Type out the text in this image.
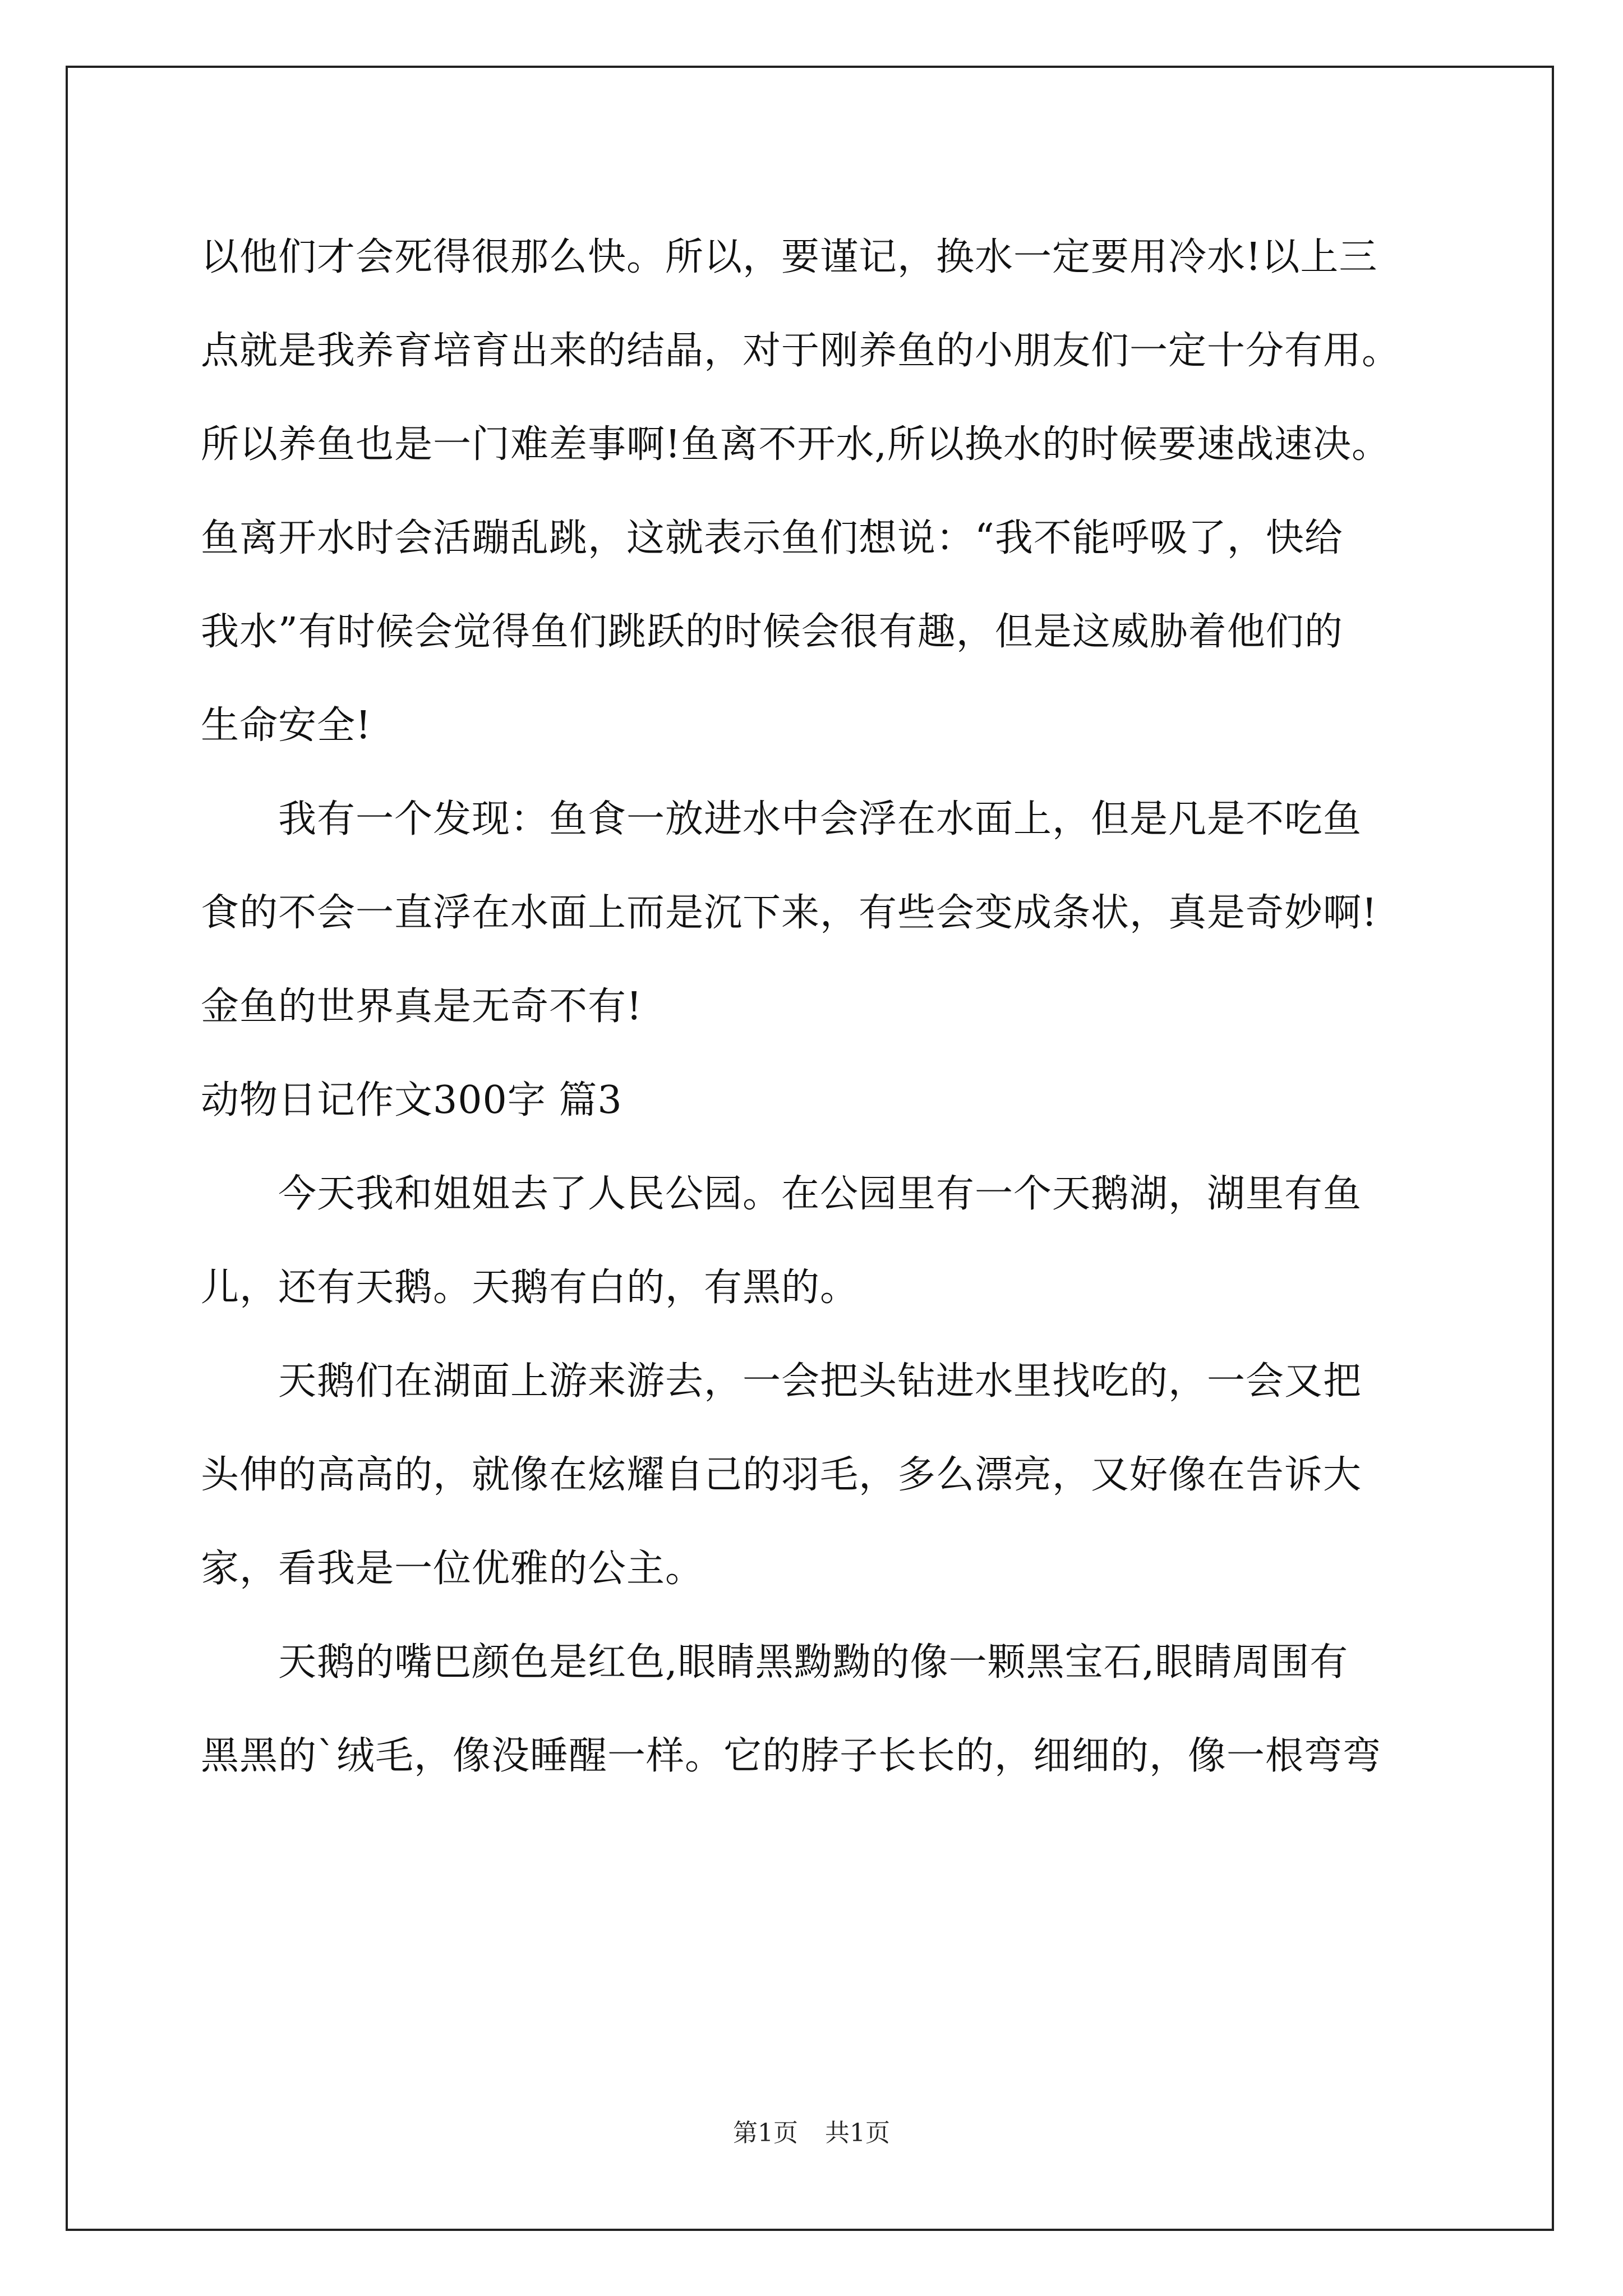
以他们才会死得很那么快。所以，要谨记，换水一定要用冷水!以上三
点就是我养育培育出来的结晶，对于刚养鱼的小朋友们一定十分有用。
所以养鱼也是一门难差事啊!鱼离不开水,所以换水的时候要速战速决。
鱼离开水时会活蹦乱跳，这就表示鱼们想说：“我不能呼吸了，快给
我水”有时候会觉得鱼们跳跃的时候会很有趣，但是这威胁着他们的
生命安全!
我有一个发现：鱼食一放进水中会浮在水面上，但是凡是不吃鱼
食的不会一直浮在水面上而是沉下来，有些会变成条状，真是奇妙啊!
金鱼的世界真是无奇不有!
动物日记作文300字 篇3
今天我和姐姐去了人民公园。在公园里有一个天鹅湖，湖里有鱼
儿，还有天鹅。天鹅有白的，有黑的。
天鹅们在湖面上游来游去，一会把头钻进水里找吃的，一会又把
头伸的高高的，就像在炫耀自己的羽毛，多么漂亮，又好像在告诉大
家，看我是一位优雅的公主。
天鹅的嘴巴颜色是红色,眼睛黑黝黝的像一颗黑宝石,眼睛周围有
黑黑的`绒毛，像没睡醒一样。它的脖子长长的，细细的，像一根弯弯
第1页 共1页
